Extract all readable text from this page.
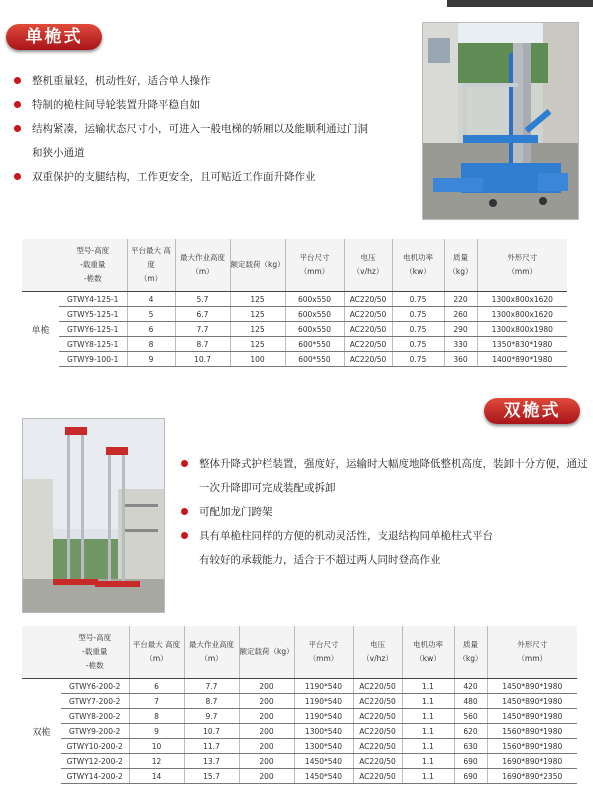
单桅式
整机重量轻，机动性好，适合单人操作
特制的桅柱间导轮装置升降平稳自如
结构紧凑，运输状态尺寸小，可进入一般电梯的轿厢以及能顺利通过门洞和狭小通道
双重保护的支腿结构，工作更安全，且可贴近工作面升降作业
	型号-高度
-载重量
-桅数	平台最大 高度
（m）	最大作业高度
（m）	额定载荷（kg）	平台尺寸
（mm）	电压
（v/hz）	电机功率（kw）	质量
（kg）	外形尺寸
（mm）
单桅	GTWY4-125-1	4	5.7	125	600x550	AC220/50	0.75	220	1300x800x1620
	GTWY5-125-1	5	6.7	125	600x550	AC220/50	0.75	260	1300x800x1620
	GTWY6-125-1	6	7.7	125	600x550	AC220/50	0.75	290	1300x800x1980
	GTWY8-125-1	8	8.7	125	600*550	AC220/50	0.75	330	1350*830*1980
	GTWY9-100-1	9	10.7	100	600*550	AC220/50	0.75	360	1400*890*1980
双桅式
整体升降式护栏装置，强度好，运输时大幅度地降低整机高度，装卸十分方便，通过一次升降即可完成装配或拆卸
可配加龙门跨架
具有单桅柱同样的方便的机动灵活性，支退结构同单桅柱式平台有较好的承载能力，适合于不超过两人同时登高作业
	型号-高度
-载重量
-桅数	平台最大 高度
（m）	最大作业高度
（m）	额定载荷（kg）	平台尺寸
（mm）	电压
（v/hz）	电机功率（kw）	质量
（kg）	外形尺寸
（mm）
双桅	GTWY6-200-2	6	7.7	200	1190*540	AC220/50	1.1	420	1450*890*1980
	GTWY7-200-2	7	8.7	200	1190*540	AC220/50	1.1	480	1450*890*1980
	GTWY8-200-2	8	9.7	200	1190*540	AC220/50	1.1	560	1450*890*1980
	GTWY9-200-2	9	10.7	200	1300*540	AC220/50	1.1	620	1560*890*1980
	GTWY10-200-2	10	11.7	200	1300*540	AC220/50	1.1	630	1560*890*1980
	GTWY12-200-2	12	13.7	200	1450*540	AC220/50	1.1	690	1690*890*1980
	GTWY14-200-2	14	15.7	200	1450*540	AC220/50	1.1	690	1690*890*2350
